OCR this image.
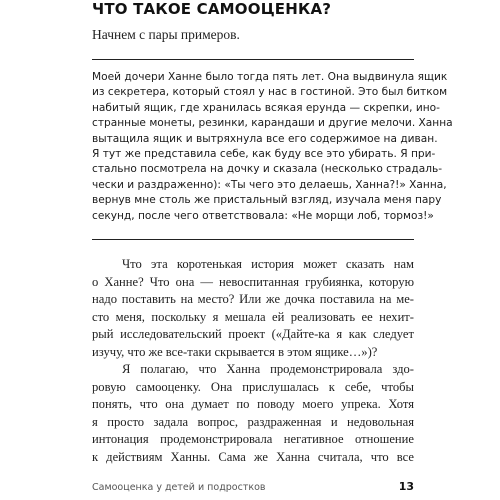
ЧТО ТАКОЕ САМООЦЕНКА?
Начнем с пары примеров.
Моей дочери Ханне было тогда пять лет. Она выдвинула ящик
из секретера, который стоял у нас в гостиной. Это был битком
набитый ящик, где хранилась всякая ерунда — скрепки, ино-
странные монеты, резинки, карандаши и другие мелочи. Ханна
вытащила ящик и вытряхнула все его содержимое на диван.
Я тут же представила себе, как буду все это убирать. Я при-
стально посмотрела на дочку и сказала (несколько страдаль-
чески и раздраженно): «Ты чего это делаешь, Ханна?!» Ханна,
вернув мне столь же пристальный взгляд, изучала меня пару
секунд, после чего ответствовала: «Не морщи лоб, тормоз!»
Что эта коротенькая история может сказать нам
о Ханне? Что она — невоспитанная грубиянка, которую
надо поставить на место? Или же дочка поставила на ме-
сто меня, поскольку я мешала ей реализовать ее нехит-
рый исследовательский проект («Дайте-ка я как следует
изучу, что же все-таки скрывается в этом ящике…»)?
Я полагаю, что Ханна продемонстрировала здо-
ровую самооценку. Она прислушалась к себе, чтобы
понять, что она думает по поводу моего упрека. Хотя
я просто задала вопрос, раздраженная и недовольная
интонация продемонстрировала негативное отношение
к действиям Ханны. Сама же Ханна считала, что все
Самооценка у детей и подростков	13
